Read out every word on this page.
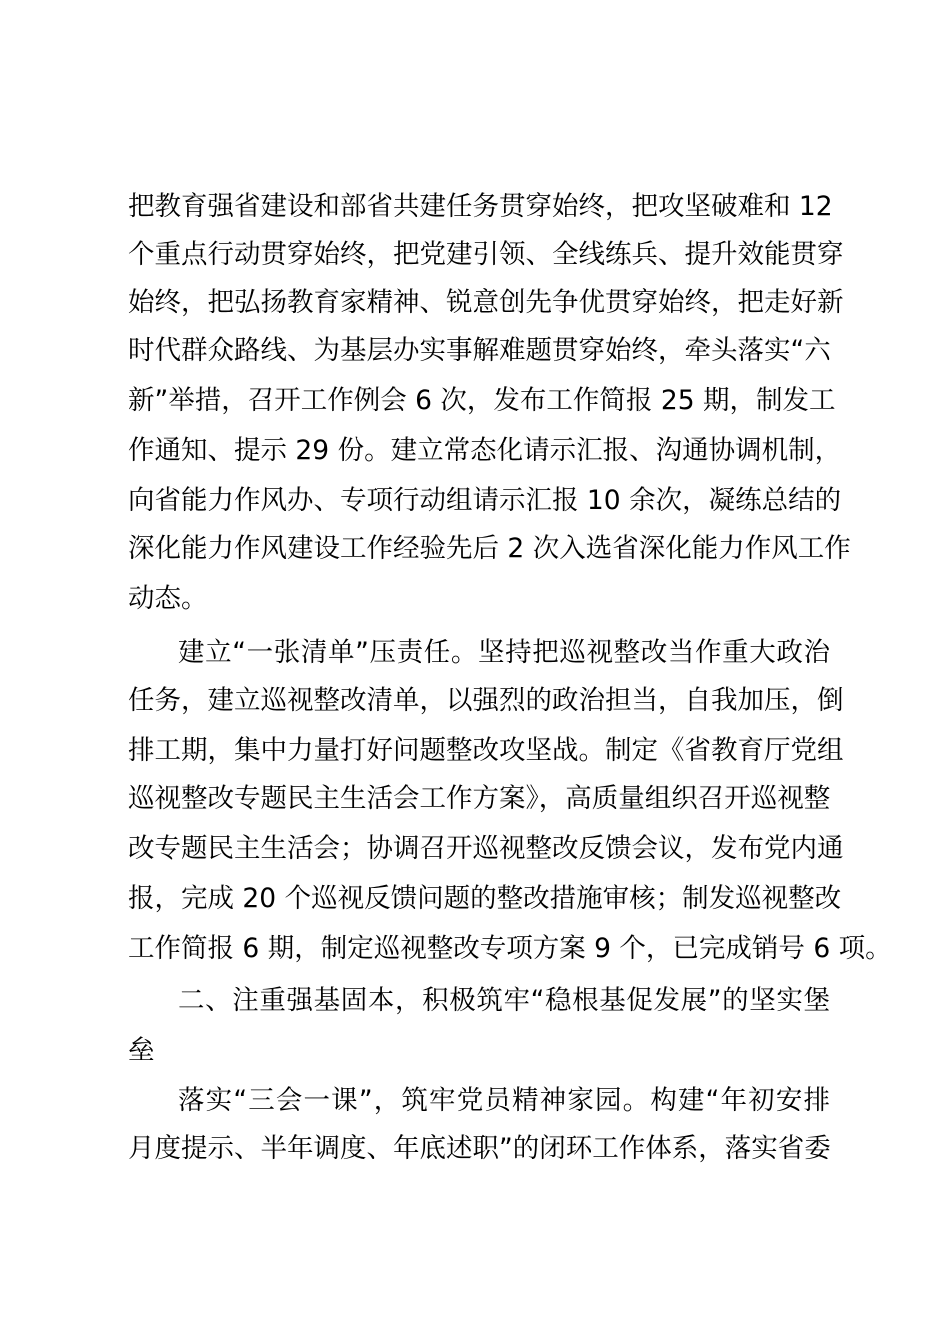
把教育强省建设和部省共建任务贯穿始终，把攻坚破难和 12
个重点行动贯穿始终，把党建引领、全线练兵、提升效能贯穿
始终，把弘扬教育家精神、锐意创先争优贯穿始终，把走好新
时代群众路线、为基层办实事解难题贯穿始终，牵头落实“六
新”举措，召开工作例会 6 次，发布工作简报 25 期，制发工
作通知、提示 29 份。建立常态化请示汇报、沟通协调机制，
向省能力作风办、专项行动组请示汇报 10 余次，凝练总结的
深化能力作风建设工作经验先后 2 次入选省深化能力作风工作
动态。
建立“一张清单”压责任。坚持把巡视整改当作重大政治
任务，建立巡视整改清单，以强烈的政治担当，自我加压，倒
排工期，集中力量打好问题整改攻坚战。制定《省教育厅党组
巡视整改专题民主生活会工作方案》，高质量组织召开巡视整
改专题民主生活会；协调召开巡视整改反馈会议，发布党内通
报，完成 20 个巡视反馈问题的整改措施审核；制发巡视整改
工作简报 6 期，制定巡视整改专项方案 9 个，已完成销号 6 项。
二、注重强基固本，积极筑牢“稳根基促发展”的坚实堡
垒
落实“三会一课”，筑牢党员精神家园。构建“年初安排
月度提示、半年调度、年底述职”的闭环工作体系，落实省委
